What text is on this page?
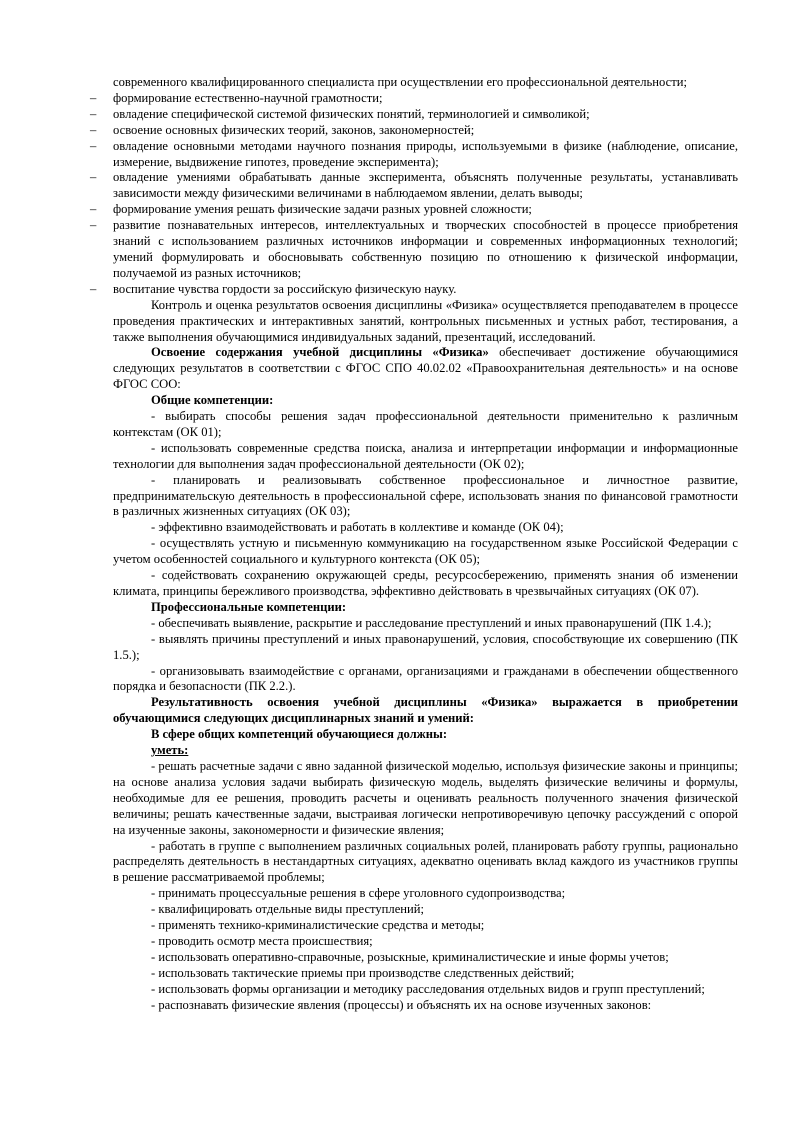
современного квалифицированного специалиста при осуществлении его профессиональной деятельности;

– формирование естественно-научной грамотности;
– овладение специфической системой физических понятий, терминологией и символикой;
– освоение основных физических теорий, законов, закономерностей;
– овладение основными методами научного познания природы, используемыми в физике (наблюдение, описание, измерение, выдвижение гипотез, проведение эксперимента);
– овладение умениями обрабатывать данные эксперимента, объяснять полученные результаты, устанавливать зависимости между физическими величинами в наблюдаемом явлении, делать выводы;
– формирование умения решать физические задачи разных уровней сложности;
– развитие познавательных интересов, интеллектуальных и творческих способностей в процессе приобретения знаний с использованием различных источников информации и современных информационных технологий; умений формулировать и обосновывать собственную позицию по отношению к физической информации, получаемой из разных источников;
– воспитание чувства гордости за российскую физическую науку.

Контроль и оценка результатов освоения дисциплины «Физика» осуществляется преподавателем в процессе проведения практических и интерактивных занятий, контрольных письменных и устных работ, тестирования, а также выполнения обучающимися индивидуальных заданий, презентаций, исследований.

Освоение содержания учебной дисциплины «Физика» обеспечивает достижение обучающимися следующих результатов в соответствии с ФГОС СПО 40.02.02 «Правоохранительная деятельность» и на основе ФГОС СОО:

Общие компетенции:

- выбирать способы решения задач профессиональной деятельности применительно к различным контекстам (ОК 01);

- использовать современные средства поиска, анализа и интерпретации информации и информационные технологии для выполнения задач профессиональной деятельности (ОК 02);

- планировать и реализовывать собственное профессиональное и личностное развитие, предпринимательскую деятельность в профессиональной сфере, использовать знания по финансовой грамотности в различных жизненных ситуациях (ОК 03);

- эффективно взаимодействовать и работать в коллективе и команде (ОК 04);

- осуществлять устную и письменную коммуникацию на государственном языке Российской Федерации с учетом особенностей социального и культурного контекста (ОК 05);

- содействовать сохранению окружающей среды, ресурсосбережению, применять знания об изменении климата, принципы бережливого производства, эффективно действовать в чрезвычайных ситуациях (ОК 07).

Профессиональные компетенции:

- обеспечивать выявление, раскрытие и расследование преступлений и иных правонарушений (ПК 1.4.);

- выявлять причины преступлений и иных правонарушений, условия, способствующие их совершению (ПК 1.5.);

- организовывать взаимодействие с органами, организациями и гражданами в обеспечении общественного порядка и безопасности (ПК 2.2.).

Результативность освоения учебной дисциплины «Физика» выражается в приобретении обучающимися следующих дисциплинарных знаний и умений:

В сфере общих компетенций обучающиеся должны:

уметь:

- решать расчетные задачи с явно заданной физической моделью, используя физические законы и принципы; на основе анализа условия задачи выбирать физическую модель, выделять физические величины и формулы, необходимые для ее решения, проводить расчеты и оценивать реальность полученного значения физической величины; решать качественные задачи, выстраивая логически непротиворечивую цепочку рассуждений с опорой на изученные законы, закономерности и физические явления;

- работать в группе с выполнением различных социальных ролей, планировать работу группы, рационально распределять деятельность в нестандартных ситуациях, адекватно оценивать вклад каждого из участников группы в решение рассматриваемой проблемы;

- принимать процессуальные решения в сфере уголовного судопроизводства;

- квалифицировать отдельные виды преступлений;

- применять технико-криминалистические средства и методы;

- проводить осмотр места происшествия;

- использовать оперативно-справочные, розыскные, криминалистические и иные формы учетов;

- использовать тактические приемы при производстве следственных действий;

- использовать формы организации и методику расследования отдельных видов и групп преступлений;

- распознавать физические явления (процессы) и объяснять их на основе изученных законов:
